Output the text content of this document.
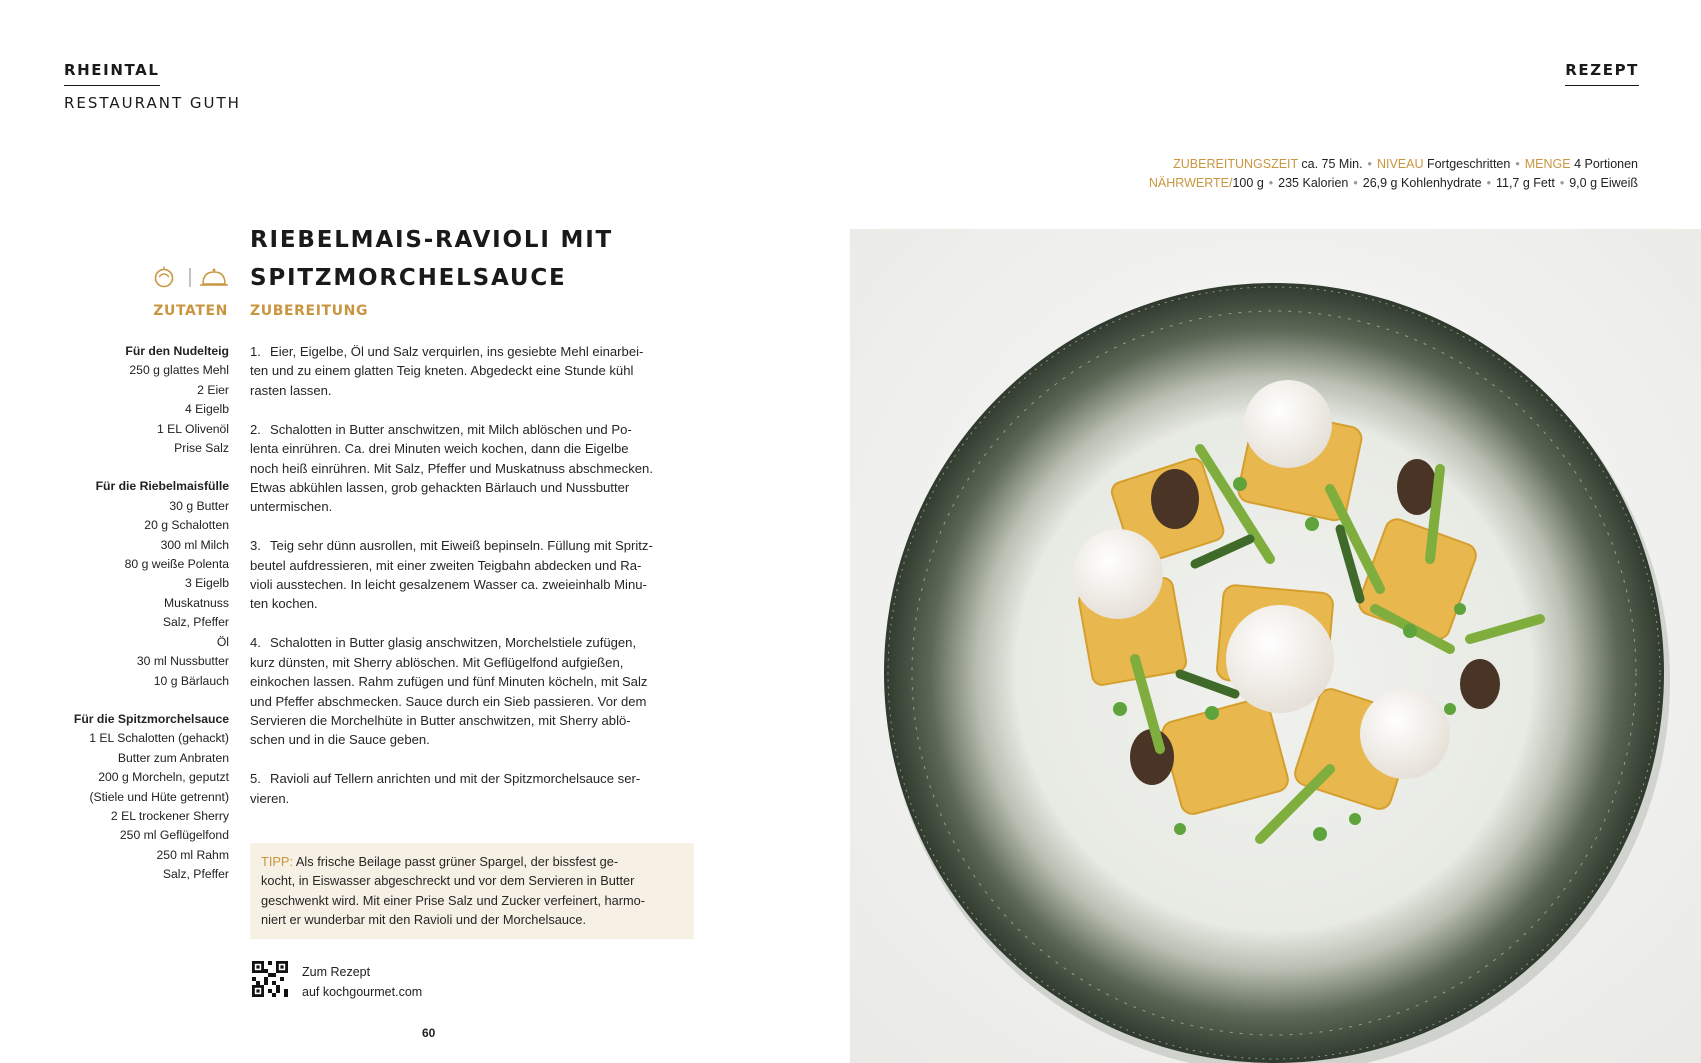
RHEINTAL
RESTAURANT GUTH
REZEPT
ZUBEREITUNGSZEIT ca. 75 Min. • NIVEAU Fortgeschritten • MENGE 4 Portionen
NÄHRWERTE/100 g • 235 Kalorien • 26,9 g Kohlenhydrate • 11,7 g Fett • 9,0 g Eiweiß
RIEBELMAIS-RAVIOLI MIT
SPITZMORCHELSAUCE
ZUTATEN ZUBEREITUNG
Für den Nudelteig
250 g glattes Mehl
2 Eier
4 Eigelb
1 EL Olivenöl
Prise Salz
Für die Riebelmaisfülle
30 g Butter
20 g Schalotten
300 ml Milch
80 g weiße Polenta
3 Eigelb
Muskatnuss
Salz, Pfeffer
Öl
30 ml Nussbutter
10 g Bärlauch
Für die Spitzmorchelsauce
1 EL Schalotten (gehackt)
Butter zum Anbraten
200 g Morcheln, geputzt
(Stiele und Hüte getrennt)
2 EL trockener Sherry
250 ml Geflügelfond
250 ml Rahm
Salz, Pfeffer

1. Eier, Eigelbe, Öl und Salz verquirlen, ins gesiebte Mehl einarbei-
ten und zu einem glatten Teig kneten. Abgedeckt eine Stunde kühl
rasten lassen.

2. Schalotten in Butter anschwitzen, mit Milch ablöschen und Po-
lenta einrühren. Ca. drei Minuten weich kochen, dann die Eigelbe
noch heiß einrühren. Mit Salz, Pfeffer und Muskatnuss abschmecken.
Etwas abkühlen lassen, grob gehackten Bärlauch und Nussbutter
untermischen.

3. Teig sehr dünn ausrollen, mit Eiweiß bepinseln. Füllung mit Spritz-
beutel aufdressieren, mit einer zweiten Teigbahn abdecken und Ra-
violi ausstechen. In leicht gesalzenem Wasser ca. zweieinhalb Minu-
ten kochen.

4. Schalotten in Butter glasig anschwitzen, Morchelstiele zufügen,
kurz dünsten, mit Sherry ablöschen. Mit Geflügelfond aufgießen,
einkochen lassen. Rahm zufügen und fünf Minuten köcheln, mit Salz
und Pfeffer abschmecken. Sauce durch ein Sieb passieren. Vor dem
Servieren die Morchelhüte in Butter anschwitzen, mit Sherry ablö-
schen und in die Sauce geben.

5. Ravioli auf Tellern anrichten und mit der Spitzmorchelsauce ser-
vieren.

TIPP: Als frische Beilage passt grüner Spargel, der bissfest ge-
kocht, in Eiswasser abgeschreckt und vor dem Servieren in Butter
geschwenkt wird. Mit einer Prise Salz und Zucker verfeinert, harmo-
niert er wunderbar mit den Ravioli und der Morchelsauce.
Zum Rezept
auf kochgourmet.com
60
